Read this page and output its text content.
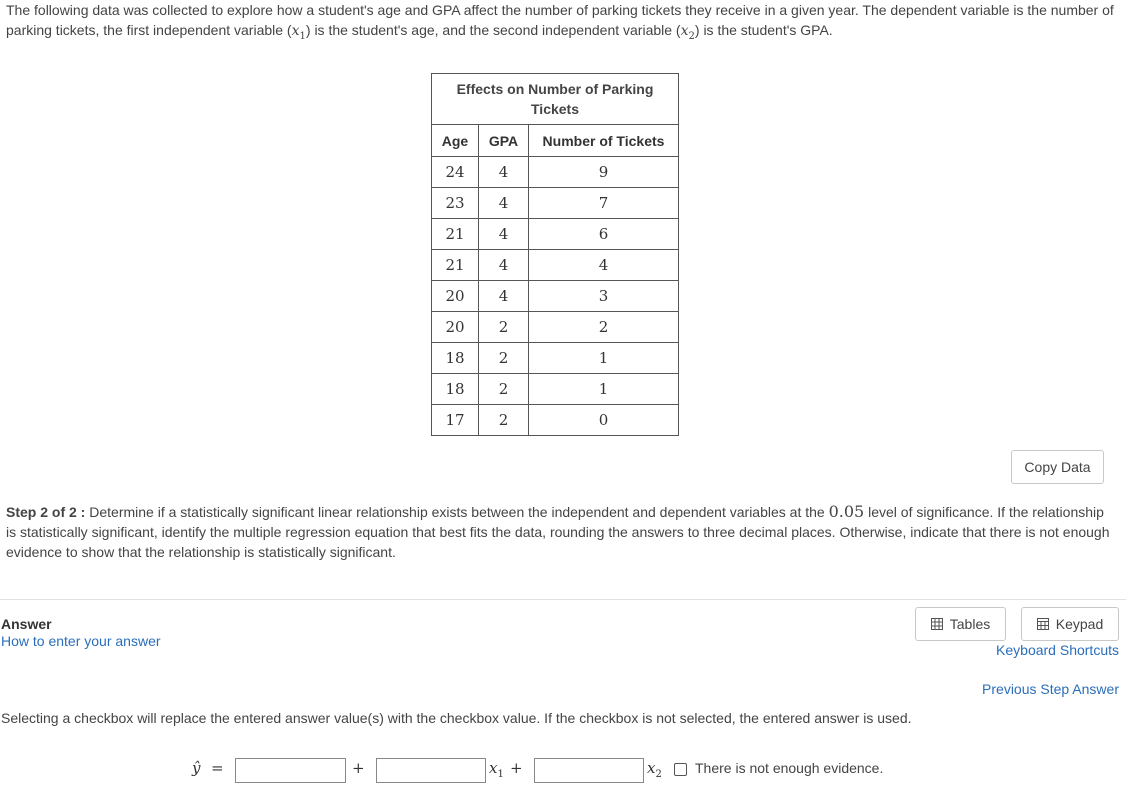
The following data was collected to explore how a student's age and GPA affect the number of parking tickets they receive in a given year. The dependent variable is the number of parking tickets, the first independent variable $(x_1)$ is the student's age, and the second independent variable $(x_2)$ is the student's GPA.
Effects on Number of Parking Tickets		
Age	GPA	Number of Tickets
24	4	9
23	4	7
21	4	6
21	4	4
20	4	3
20	2	2
18	2	1
18	2	1
17	2	0
Copy Data
Step 2 of 2 : Determine if a statistically significant linear relationship exists between the independent and dependent variables at the 0.05 level of significance. If the relationship is statistically significant, identify the multiple regression equation that best fits the data, rounding the answers to three decimal places. Otherwise, indicate that there is not enough evidence to show that the relationship is statistically significant.
Answer
How to enter your answer
Tables	Keypad
Keyboard Shortcuts
Previous Step Answer
Selecting a checkbox will replace the entered answer value(s) with the checkbox value. If the checkbox is not selected, the entered answer is used.
ŷ =	+	$x_1$ +	$x_2$ There is not enough evidence.
